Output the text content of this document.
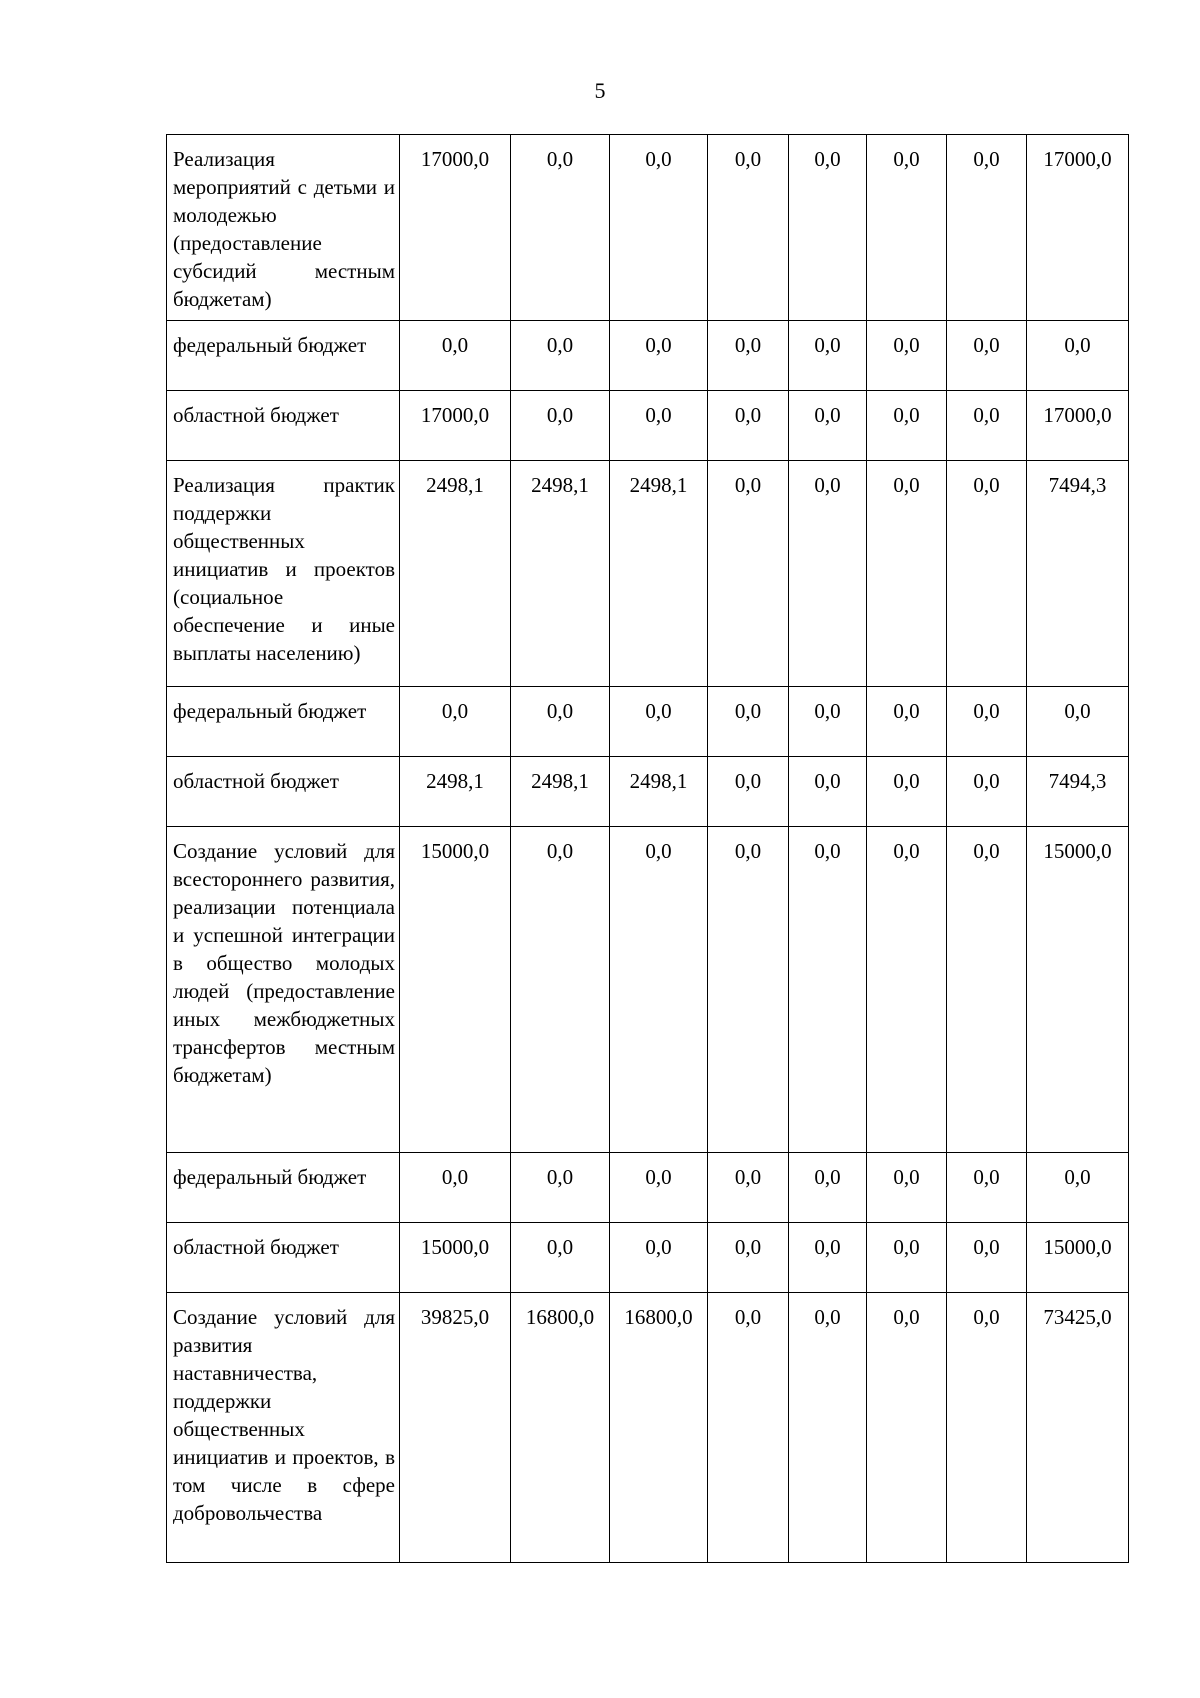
5
Реализация мероприятий с детьми и молодежью (предоставление субсидий местным бюджетам)	17000,0	0,0	0,0	0,0	0,0	0,0	0,0	17000,0
федеральный бюджет	0,0	0,0	0,0	0,0	0,0	0,0	0,0	0,0
областной бюджет	17000,0	0,0	0,0	0,0	0,0	0,0	0,0	17000,0
Реализация практик поддержки общественных инициатив и проектов (социальное обеспечение и иные выплаты населению)	2498,1	2498,1	2498,1	0,0	0,0	0,0	0,0	7494,3
федеральный бюджет	0,0	0,0	0,0	0,0	0,0	0,0	0,0	0,0
областной бюджет	2498,1	2498,1	2498,1	0,0	0,0	0,0	0,0	7494,3
Создание условий для всестороннего развития, реализации потенциала и успешной интеграции в общество молодых людей (предоставление иных межбюджетных трансфертов местным бюджетам)	15000,0	0,0	0,0	0,0	0,0	0,0	0,0	15000,0
федеральный бюджет	0,0	0,0	0,0	0,0	0,0	0,0	0,0	0,0
областной бюджет	15000,0	0,0	0,0	0,0	0,0	0,0	0,0	15000,0
Создание условий для развития наставничества, поддержки общественных инициатив и проектов, в том числе в сфере добровольчества	39825,0	16800,0	16800,0	0,0	0,0	0,0	0,0	73425,0
